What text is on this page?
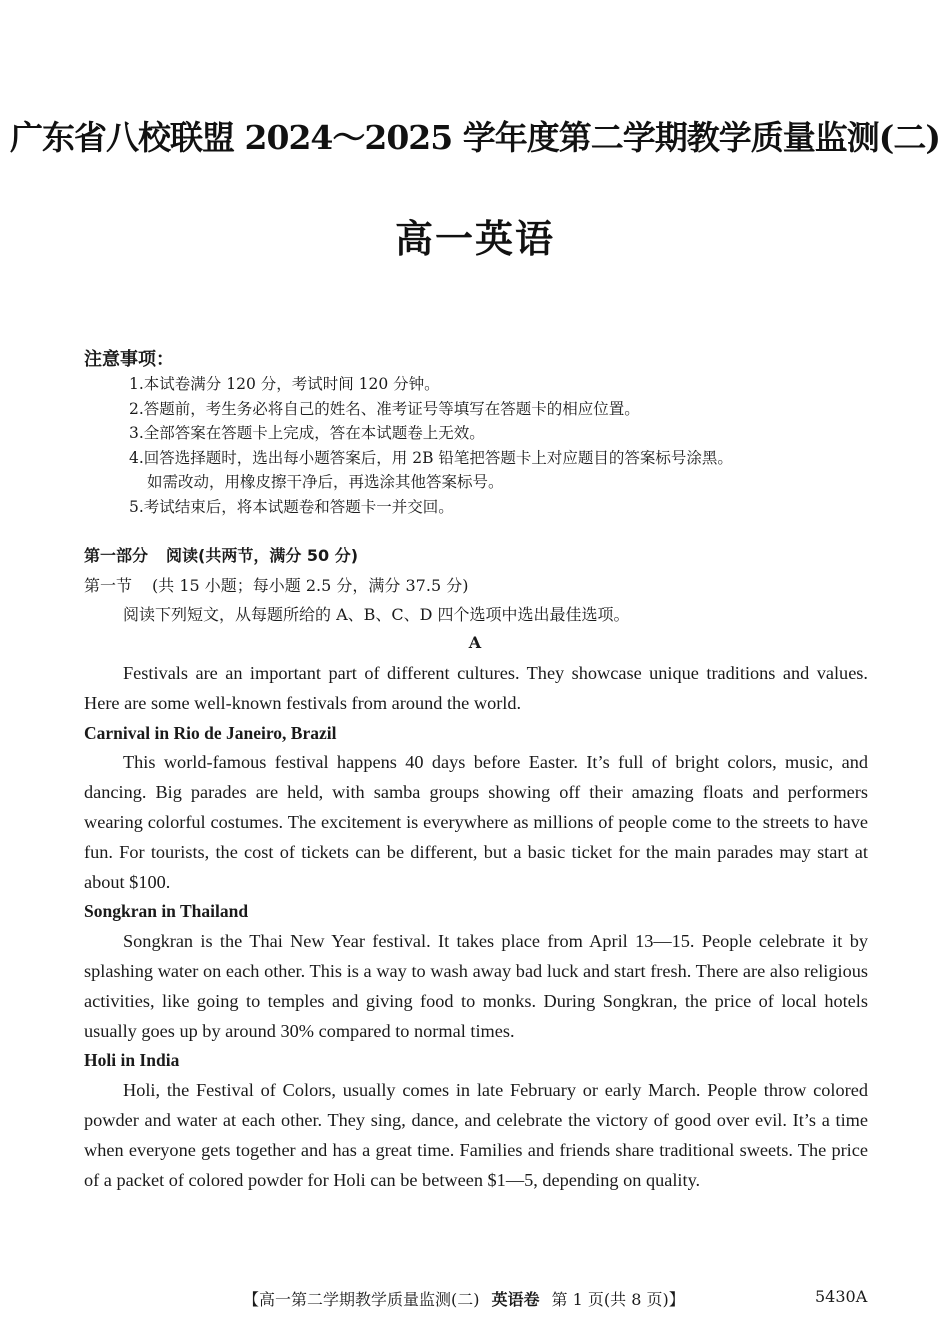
广东省八校联盟 2024～2025 学年度第二学期教学质量监测(二)
高一英语
注意事项：
1.本试卷满分 120 分，考试时间 120 分钟。
2.答题前，考生务必将自己的姓名、准考证号等填写在答题卡的相应位置。
3.全部答案在答题卡上完成，答在本试题卷上无效。
4.回答选择题时，选出每小题答案后，用 2B 铅笔把答题卡上对应题目的答案标号涂黑。
如需改动，用橡皮擦干净后，再选涂其他答案标号。
5.考试结束后，将本试题卷和答题卡一并交回。
第一部分 阅读(共两节，满分 50 分)
第一节 (共 15 小题；每小题 2.5 分，满分 37.5 分)
阅读下列短文，从每题所给的 A、B、C、D 四个选项中选出最佳选项。
A

Festivals are an important part of different cultures. They showcase unique traditions and values. Here are some well-known festivals from around the world.

Carnival in Rio de Janeiro, Brazil

This world-famous festival happens 40 days before Easter. It’s full of bright colors, music, and dancing. Big parades are held, with samba groups showing off their amazing floats and performers wearing colorful costumes. The excitement is everywhere as millions of people come to the streets to have fun. For tourists, the cost of tickets can be different, but a basic ticket for the main parades may start at about $100.

Songkran in Thailand

Songkran is the Thai New Year festival. It takes place from April 13—15. People celebrate it by splashing water on each other. This is a way to wash away bad luck and start fresh. There are also religious activities, like going to temples and giving food to monks. During Songkran, the price of local hotels usually goes up by around 30% compared to normal times.

Holi in India

Holi, the Festival of Colors, usually comes in late February or early March. People throw colored powder and water at each other. They sing, dance, and celebrate the victory of good over evil. It’s a time when everyone gets together and has a great time. Families and friends share traditional sweets. The price of a packet of colored powder for Holi can be between $1—5, depending on quality.

【高一第二学期教学质量监测(二) 英语卷 第 1 页(共 8 页)】	5430A
